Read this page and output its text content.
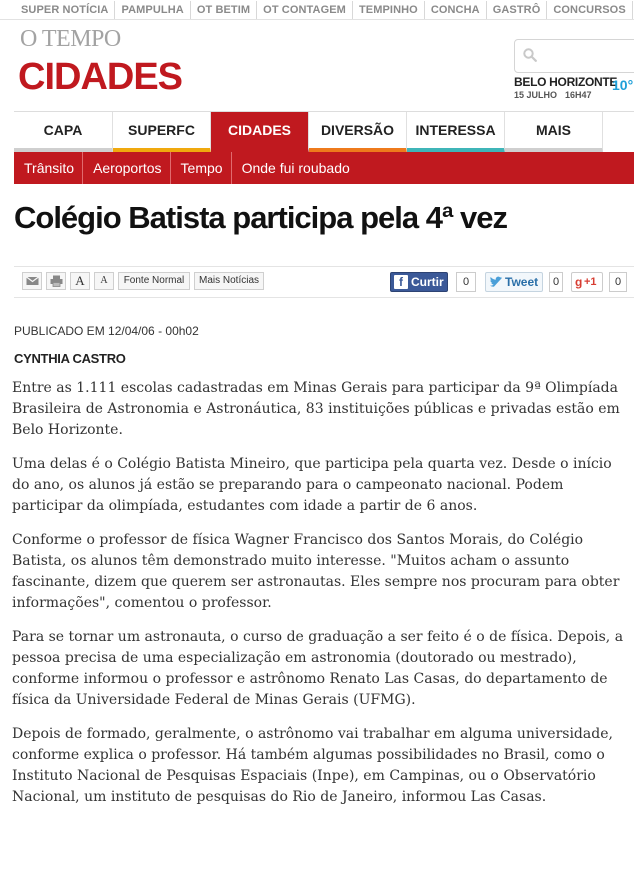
SUPER NOTÍCIA PAMPULHA OT BETIM OT CONTAGEM TEMPINHO CONCHA GASTRÔ CONCURSOS
O TEMPO
CIDADES	BELO HORIZONTE
15 JULHO 16H47
10°
CAPA	SUPERFC	CIDADES	DIVERSÃO	INTERESSA	MAIS
Trânsito	Aeroportos	Tempo	Onde fui roubado
Colégio Batista participa pela 4ª vez
A	A	Fonte Normal	Mais Notícias	f Curtir	0	Tweet	0	g +1	0
PUBLICADO EM 12/04/06 - 00h02
CYNTHIA CASTRO

Entre as 1.111 escolas cadastradas em Minas Gerais para participar da 9ª Olimpíada Brasileira de Astronomia e Astronáutica, 83 instituições públicas e privadas estão em Belo Horizonte.

Uma delas é o Colégio Batista Mineiro, que participa pela quarta vez. Desde o início do ano, os alunos já estão se preparando para o campeonato nacional. Podem participar da olimpíada, estudantes com idade a partir de 6 anos.

Conforme o professor de física Wagner Francisco dos Santos Morais, do Colégio Batista, os alunos têm demonstrado muito interesse. "Muitos acham o assunto fascinante, dizem que querem ser astronautas. Eles sempre nos procuram para obter informações", comentou o professor.

Para se tornar um astronauta, o curso de graduação a ser feito é o de física. Depois, a pessoa precisa de uma especialização em astronomia (doutorado ou mestrado), conforme informou o professor e astrônomo Renato Las Casas, do departamento de física da Universidade Federal de Minas Gerais (UFMG).

Depois de formado, geralmente, o astrônomo vai trabalhar em alguma universidade, conforme explica o professor. Há também algumas possibilidades no Brasil, como o Instituto Nacional de Pesquisas Espaciais (Inpe), em Campinas, ou o Observatório Nacional, um instituto de pesquisas do Rio de Janeiro, informou Las Casas.
